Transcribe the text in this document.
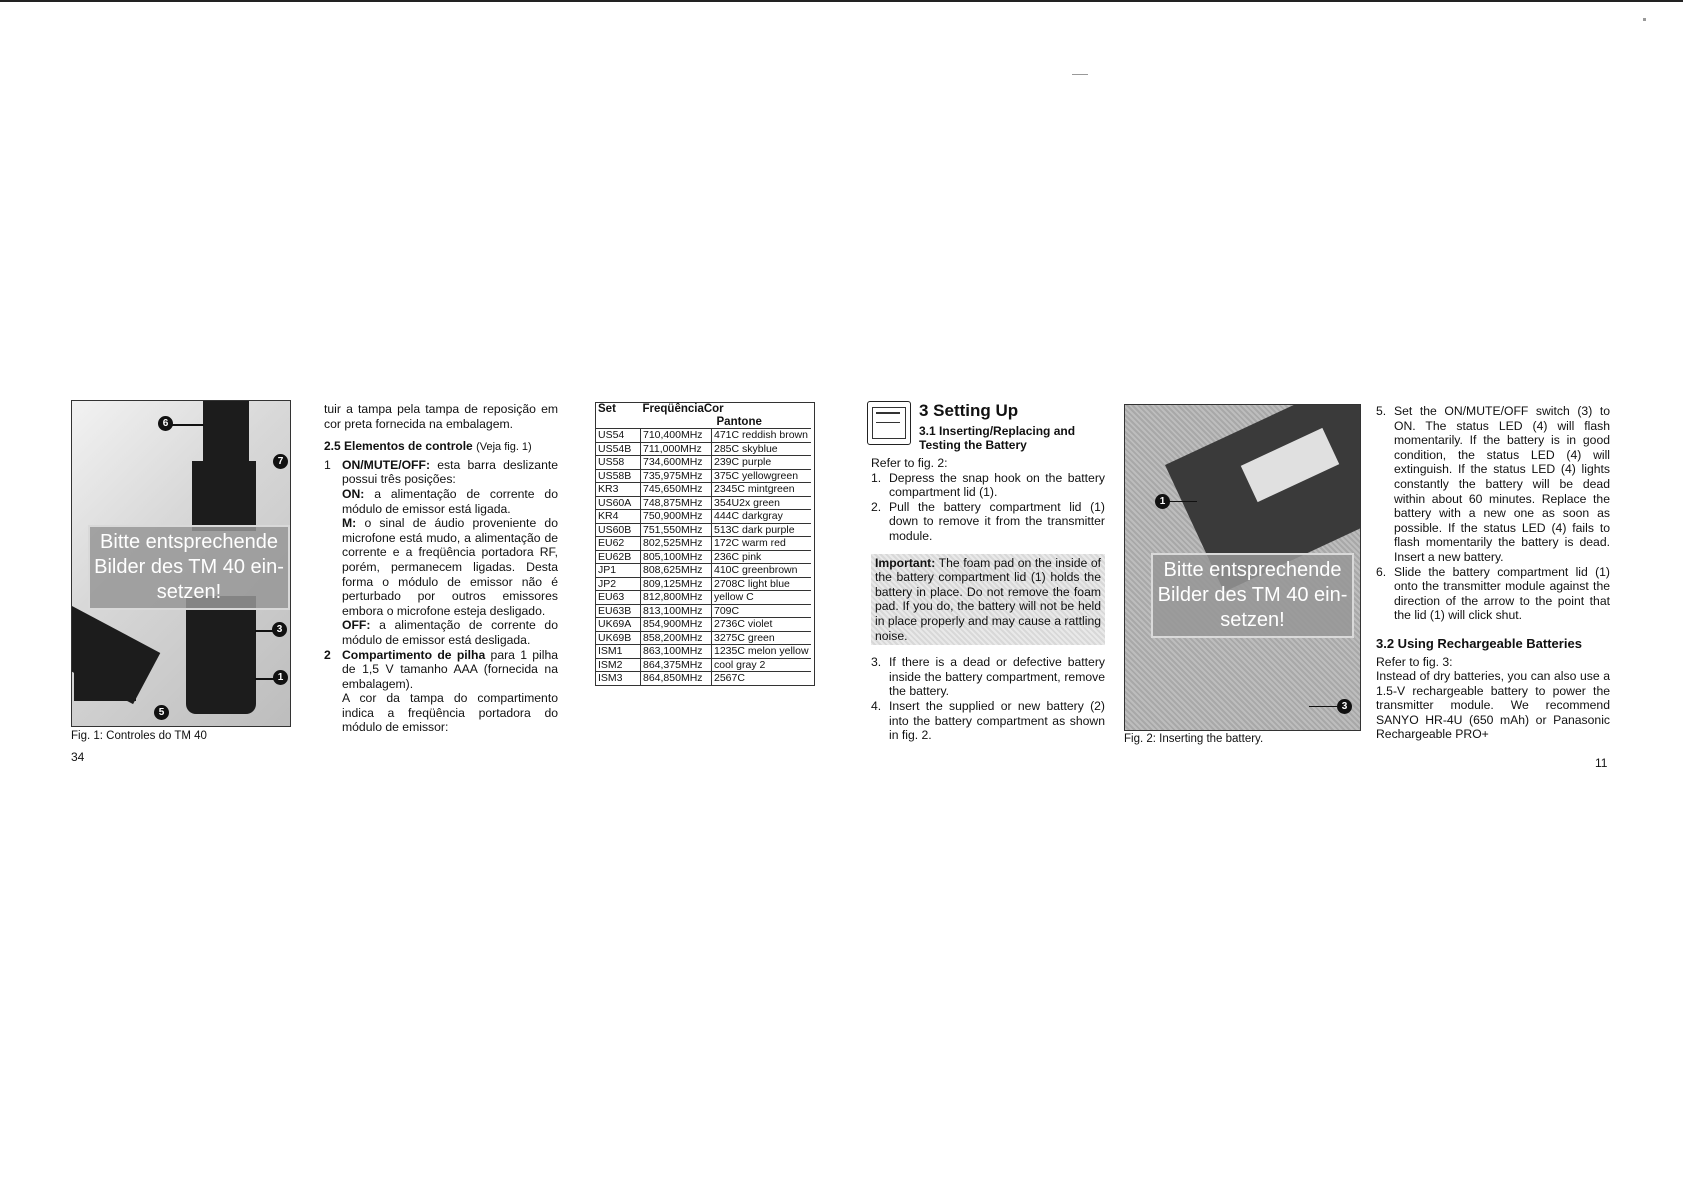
6
7
3
1
5
Bitte entsprechende
Bilder des TM 40 ein-
setzen!
Fig. 1: Controles do TM 40
34

tuir a tampa pela tampa de reposição em cor preta fornecida na embalagem.

2.5 Elementos de controle (Veja fig. 1)
1 ON/MUTE/OFF: esta barra deslizante possui três posições:
ON: a alimentação de corrente do módulo de emissor está ligada.
M: o sinal de áudio proveniente do microfone está mudo, a alimentação de corrente e a freqüência portadora RF, porém, permanecem ligadas. Desta forma o módulo de emissor não é perturbado por outros emissores embora o microfone esteja desligado.
OFF: a alimentação de corrente do módulo de emissor está desligada.
2 Compartimento de pilha para 1 pilha de 1,5 V tamanho AAA (fornecida na embalagem).
A cor da tampa do compartimento indica a freqüência portadora do módulo de emissor:
Set	FreqüênciaCor
Pantone	
US54	710,400MHz	471C reddish brown
US54B	711,000MHz	285C skyblue
US58	734,600MHz	239C purple
US58B	735,975MHz	375C yellowgreen
KR3	745,650MHz	2345C mintgreen
US60A	748,875MHz	354U2x green
KR4	750,900MHz	444C darkgray
US60B	751,550MHz	513C dark purple
EU62	802,525MHz	172C warm red
EU62B	805,100MHz	236C pink
JP1	808,625MHz	410C greenbrown
JP2	809,125MHz	2708C light blue
EU63	812,800MHz	yellow C
EU63B	813,100MHz	709C
UK69A	854,900MHz	2736C violet
UK69B	858,200MHz	3275C green
ISM1	863,100MHz	1235C melon yellow
ISM2	864,375MHz	cool gray 2
ISM3	864,850MHz	2567C
3 Setting Up
3.1 Inserting/Replacing and
Testing the Battery

Refer to fig. 2:

1. Depress the snap hook on the battery compartment lid (1).
2. Pull the battery compartment lid (1) down to remove it from the transmitter module.
Important: The foam pad on the inside of the battery compartment lid (1) holds the battery in place. Do not remove the foam pad. If you do, the battery will not be held in place properly and may cause a rattling noise.
3. If there is a dead or defective battery inside the battery compartment, remove the battery.
4. Insert the supplied or new battery (2) into the battery compartment as shown in fig. 2.
1
3
Bitte entsprechende
Bilder des TM 40 ein-
setzen!
Fig. 2: Inserting the battery.
5. Set the ON/MUTE/OFF switch (3) to ON. The status LED (4) will flash momentarily. If the battery is in good condition, the status LED (4) will extinguish. If the status LED (4) lights constantly the battery will be dead within about 60 minutes. Replace the battery with a new one as soon as possible. If the status LED (4) fails to flash momentarily the battery is dead. Insert a new battery.
6. Slide the battery compartment lid (1) onto the transmitter module against the direction of the arrow to the point that the lid (1) will click shut.
3.2 Using Rechargeable Batteries

Refer to fig. 3:

Instead of dry batteries, you can also use a 1.5-V rechargeable battery to power the transmitter module. We recommend SANYO HR-4U (650 mAh) or Panasonic Rechargeable PRO+

11
